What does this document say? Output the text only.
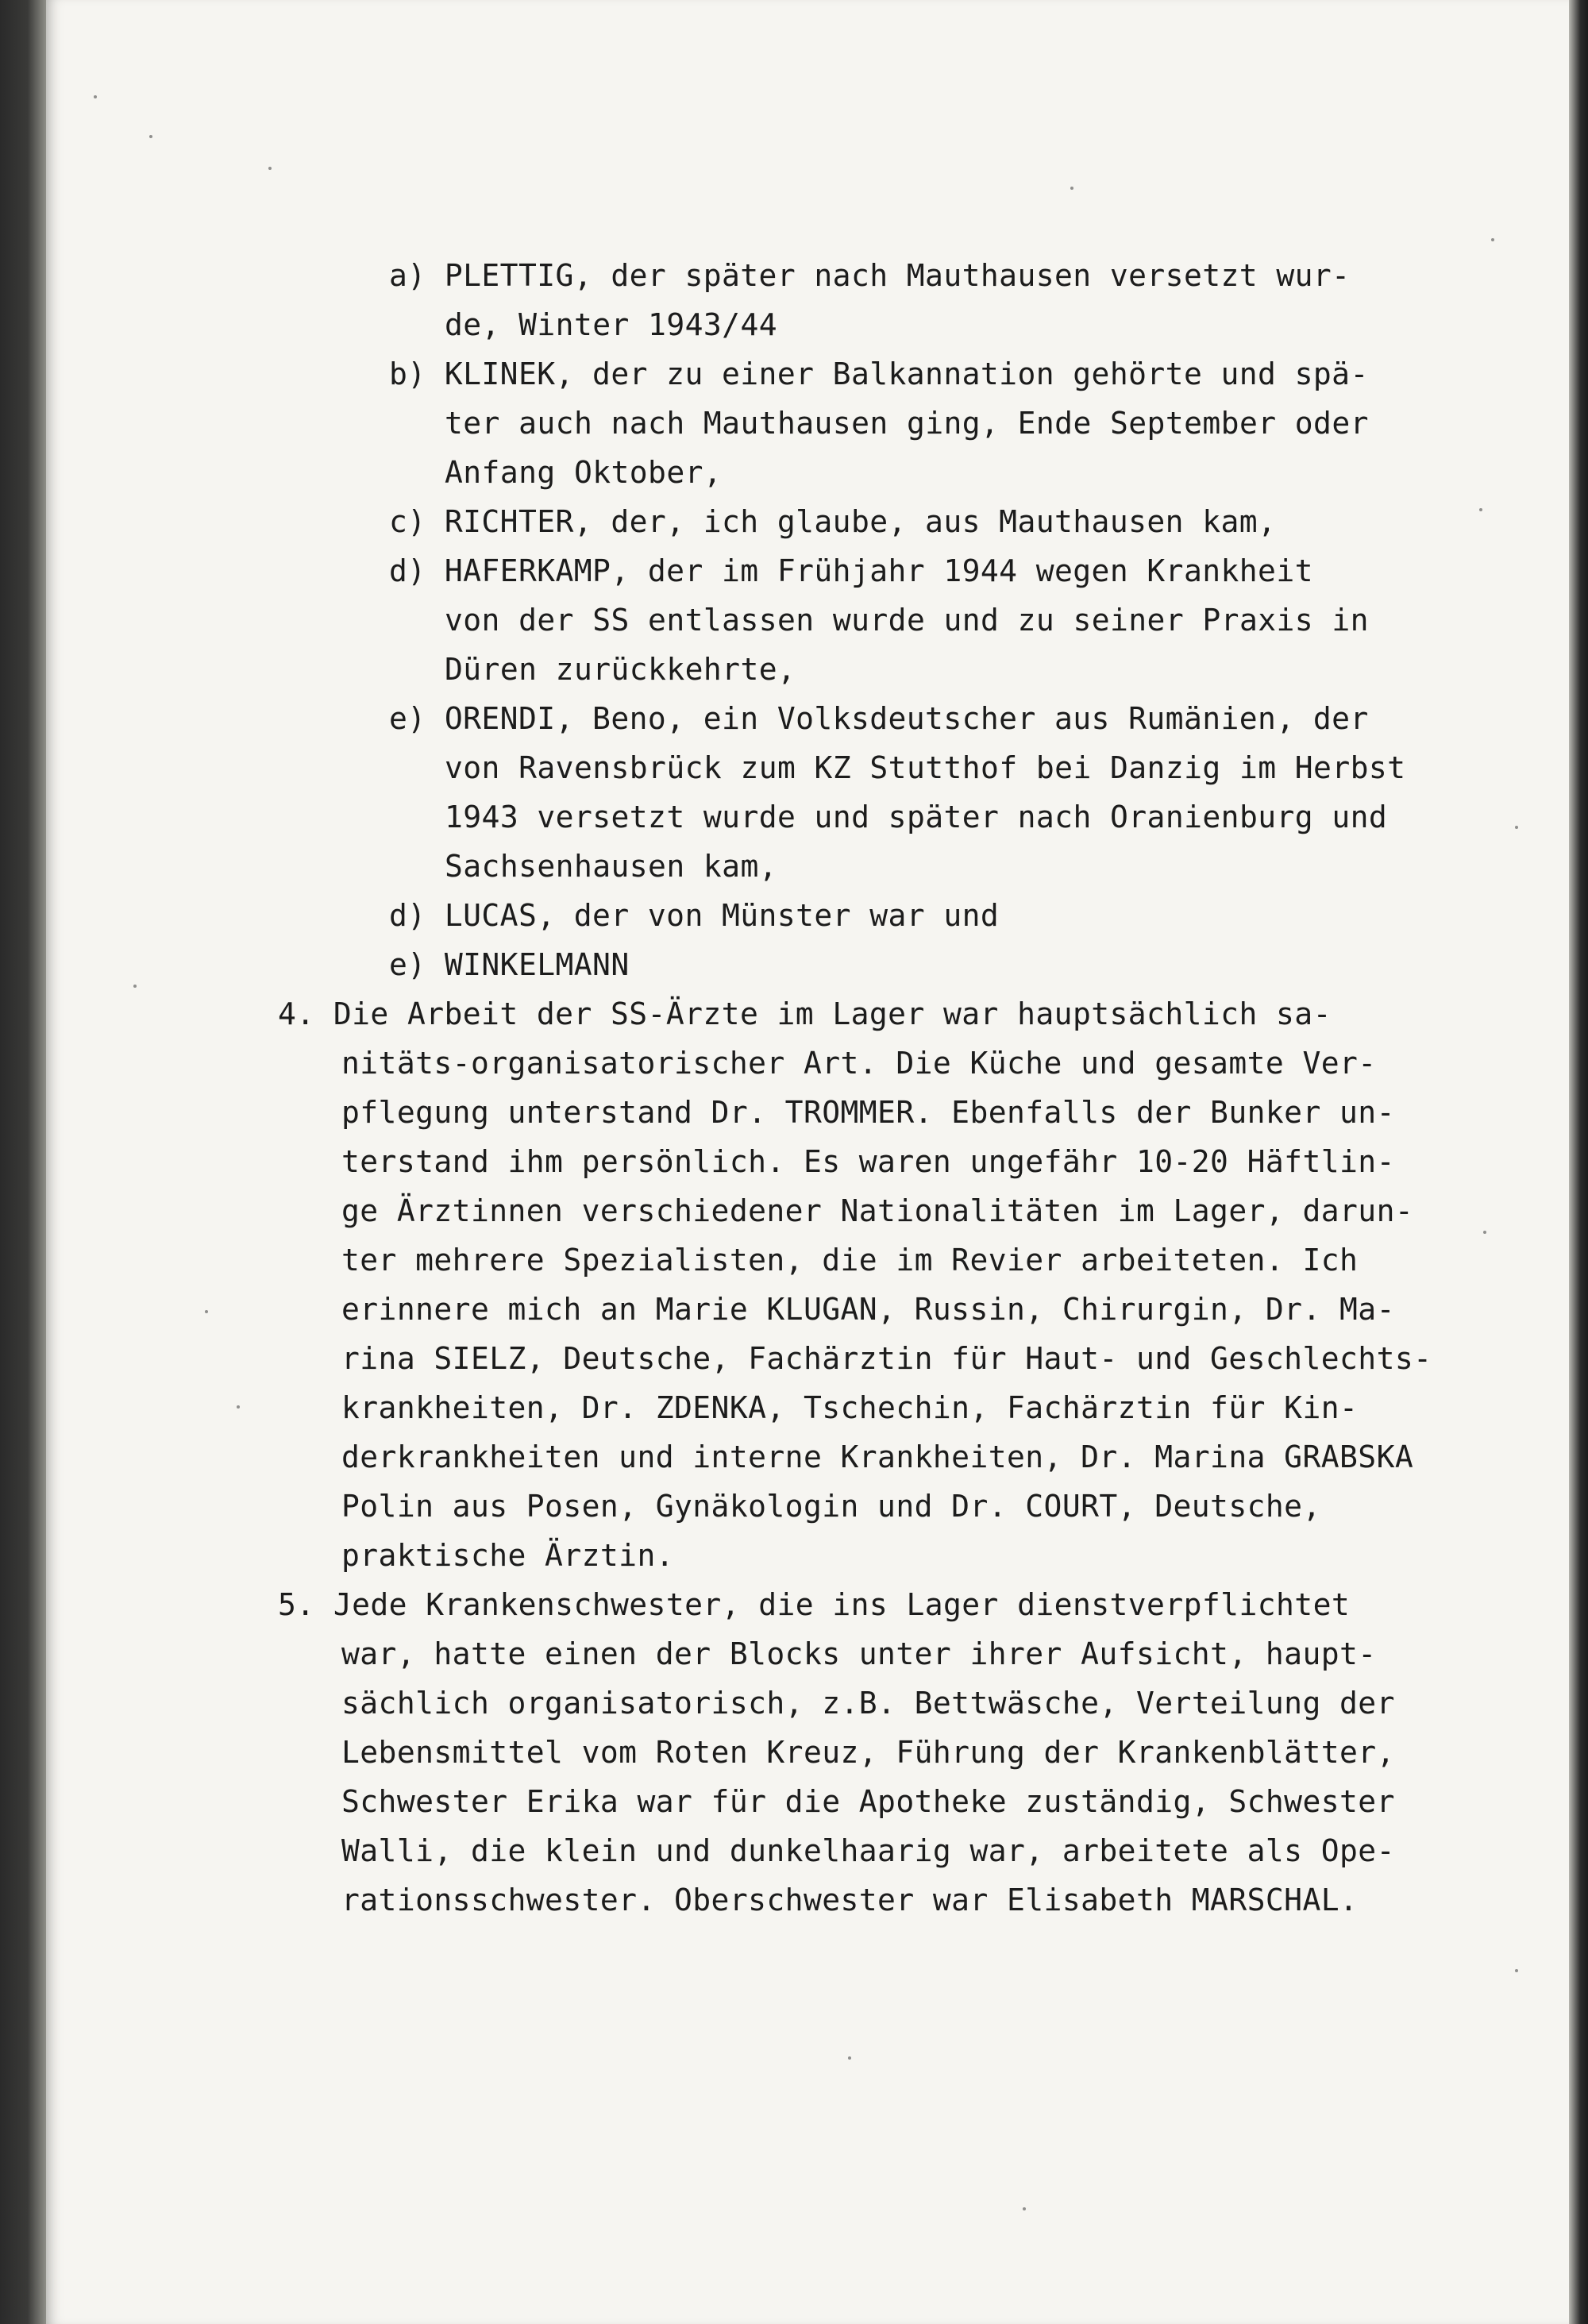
a) PLETTIG, der später nach Mauthausen versetzt wur-
de, Winter 1943/44
b) KLINEK, der zu einer Balkannation gehörte und spä-
ter auch nach Mauthausen ging, Ende September oder
Anfang Oktober,
c) RICHTER, der, ich glaube, aus Mauthausen kam,
d) HAFERKAMP, der im Frühjahr 1944 wegen Krankheit
von der SS entlassen wurde und zu seiner Praxis in
Düren zurückkehrte,
e) ORENDI, Beno, ein Volksdeutscher aus Rumänien, der
von Ravensbrück zum KZ Stutthof bei Danzig im Herbst
1943 versetzt wurde und später nach Oranienburg und
Sachsenhausen kam,
d) LUCAS, der von Münster war und
e) WINKELMANN
4. Die Arbeit der SS-Ärzte im Lager war hauptsächlich sa-
nitäts-organisatorischer Art. Die Küche und gesamte Ver-
pflegung unterstand Dr. TROMMER. Ebenfalls der Bunker un-
terstand ihm persönlich. Es waren ungefähr 10-20 Häftlin-
ge Ärztinnen verschiedener Nationalitäten im Lager, darun-
ter mehrere Spezialisten, die im Revier arbeiteten. Ich
erinnere mich an Marie KLUGAN, Russin, Chirurgin, Dr. Ma-
rina SIELZ, Deutsche, Fachärztin für Haut- und Geschlechts-
krankheiten, Dr. ZDENKA, Tschechin, Fachärztin für Kin-
derkrankheiten und interne Krankheiten, Dr. Marina GRABSKA
Polin aus Posen, Gynäkologin und Dr. COURT, Deutsche,
praktische Ärztin.
5. Jede Krankenschwester, die ins Lager dienstverpflichtet
war, hatte einen der Blocks unter ihrer Aufsicht, haupt-
sächlich organisatorisch, z.B. Bettwäsche, Verteilung der
Lebensmittel vom Roten Kreuz, Führung der Krankenblätter,
Schwester Erika war für die Apotheke zuständig, Schwester
Walli, die klein und dunkelhaarig war, arbeitete als Ope-
rationsschwester. Oberschwester war Elisabeth MARSCHAL.
